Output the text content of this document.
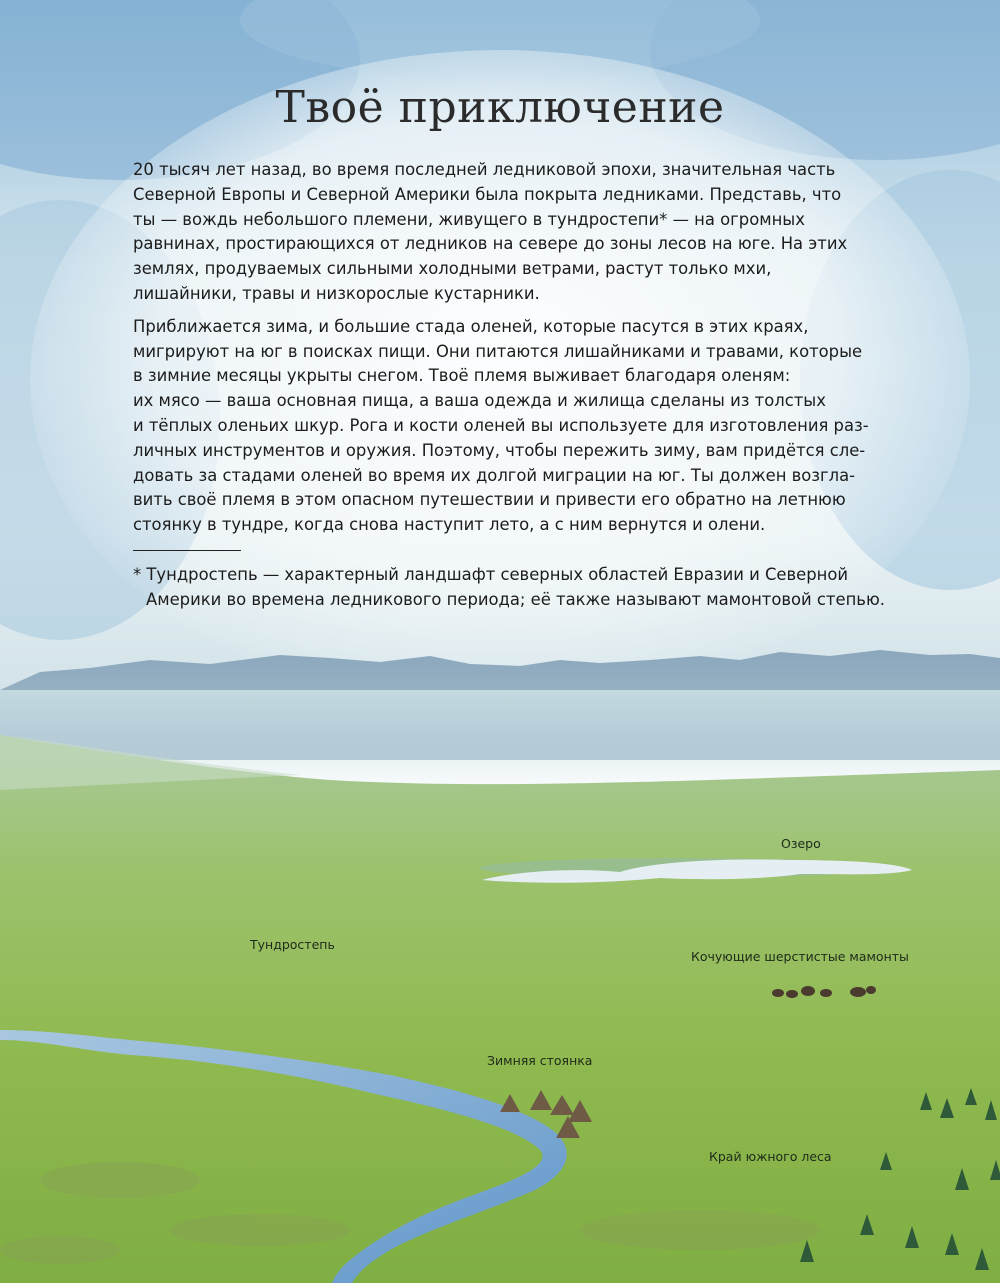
Твоё приключение

20 тысяч лет назад, во время последней ледниковой эпохи, значительная часть
Северной Европы и Северной Америки была покрыта ледниками. Представь, что
ты — вождь небольшого племени, живущего в тундростепи* — на огромных
равнинах, простирающихся от ледников на севере до зоны лесов на юге. На этих
землях, продуваемых сильными холодными ветрами, растут только мхи,
лишайники, травы и низкорослые кустарники.

Приближается зима, и большие стада оленей, которые пасутся в этих краях,
мигрируют на юг в поисках пищи. Они питаются лишайниками и травами, которые
в зимние месяцы укрыты снегом. Твоё племя выживает благодаря оленям:
их мясо — ваша основная пища, а ваша одежда и жилища сделаны из толстых
и тёплых оленьих шкур. Рога и кости оленей вы используете для изготовления раз-
личных инструментов и оружия. Поэтому, чтобы пережить зиму, вам придётся сле-
довать за стадами оленей во время их долгой миграции на юг. Ты должен возгла-
вить своё племя в этом опасном путешествии и привести его обратно на летнюю
стоянку в тундре, когда снова наступит лето, а с ним вернутся и олени.

* Тундростепь — характерный ландшафт северных областей Евразии и Северной
Америки во времена ледникового периода; её также называют мамонтовой степью.

Озеро
Тундростепь
Кочующие шерстистые мамонты
Зимняя стоянка
Край южного леса
